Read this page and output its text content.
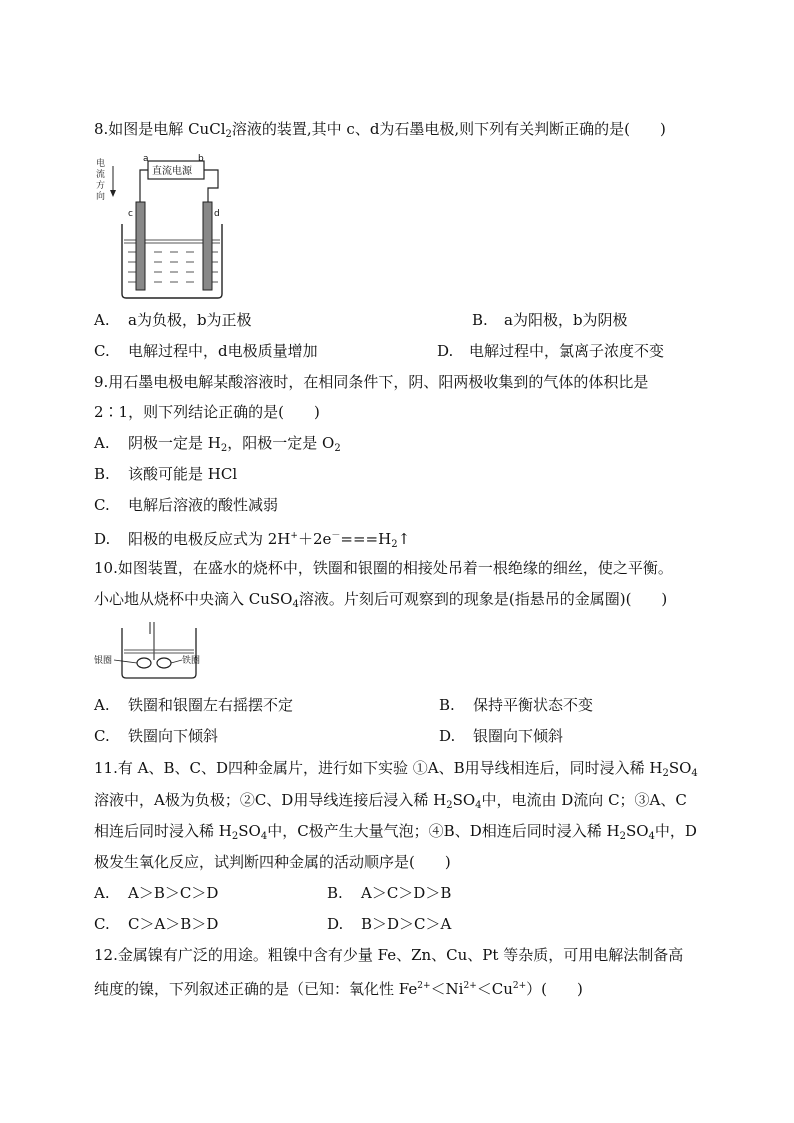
8.如图是电解 CuCl$_2$溶液的装置,其中 c、d为石墨电极,则下列有关判断正确的是(　　)
电
流
方
向
直流电源
a	b
c	d
A. a为负极，b为正极	B. a为阳极，b为阴极
C. 电解过程中，d电极质量增加	D. 电解过程中，氯离子浓度不变
9.用石墨电极电解某酸溶液时，在相同条件下，阴、阳两极收集到的气体的体积比是
2∶1，则下列结论正确的是(　　)
A. 阴极一定是 $H_2$，阳极一定是 $O_2$
B. 该酸可能是 HCl
C. 电解后溶液的酸性减弱
D. 阳极的电极反应式为 $2H^++2e^-===H_2↑$
10.如图装置，在盛水的烧杯中，铁圈和银圈的相接处吊着一根绝缘的细丝，使之平衡。
小心地从烧杯中央滴入 CuSO$_4$溶液。片刻后可观察到的现象是(指悬吊的金属圈)(　　)
银圈	铁圈
A. 铁圈和银圈左右摇摆不定	B. 保持平衡状态不变
C. 铁圈向下倾斜	D. 银圈向下倾斜
11.有 A、B、C、D四种金属片，进行如下实验 ①A、B用导线相连后，同时浸入稀 $H_2SO_4$
溶液中，A极为负极；②C、D用导线连接后浸入稀 $H_2SO_4$中，电流由 D流向 C；③A、C
相连后同时浸入稀 $H_2SO_4$中，C极产生大量气泡；④B、D相连后同时浸入稀 $H_2SO_4$中，D
极发生氧化反应，试判断四种金属的活动顺序是(　　)
A. A＞B＞C＞D	B. A＞C＞D＞B
C. C＞A＞B＞D	D. B＞D＞C＞A
12.金属镍有广泛的用途。粗镍中含有少量 Fe、Zn、Cu、Pt 等杂质，可用电解法制备高
纯度的镍，下列叙述正确的是（已知：氧化性 $Fe^{2+}<Ni^{2+}<Cu^{2+}$）(　　)
